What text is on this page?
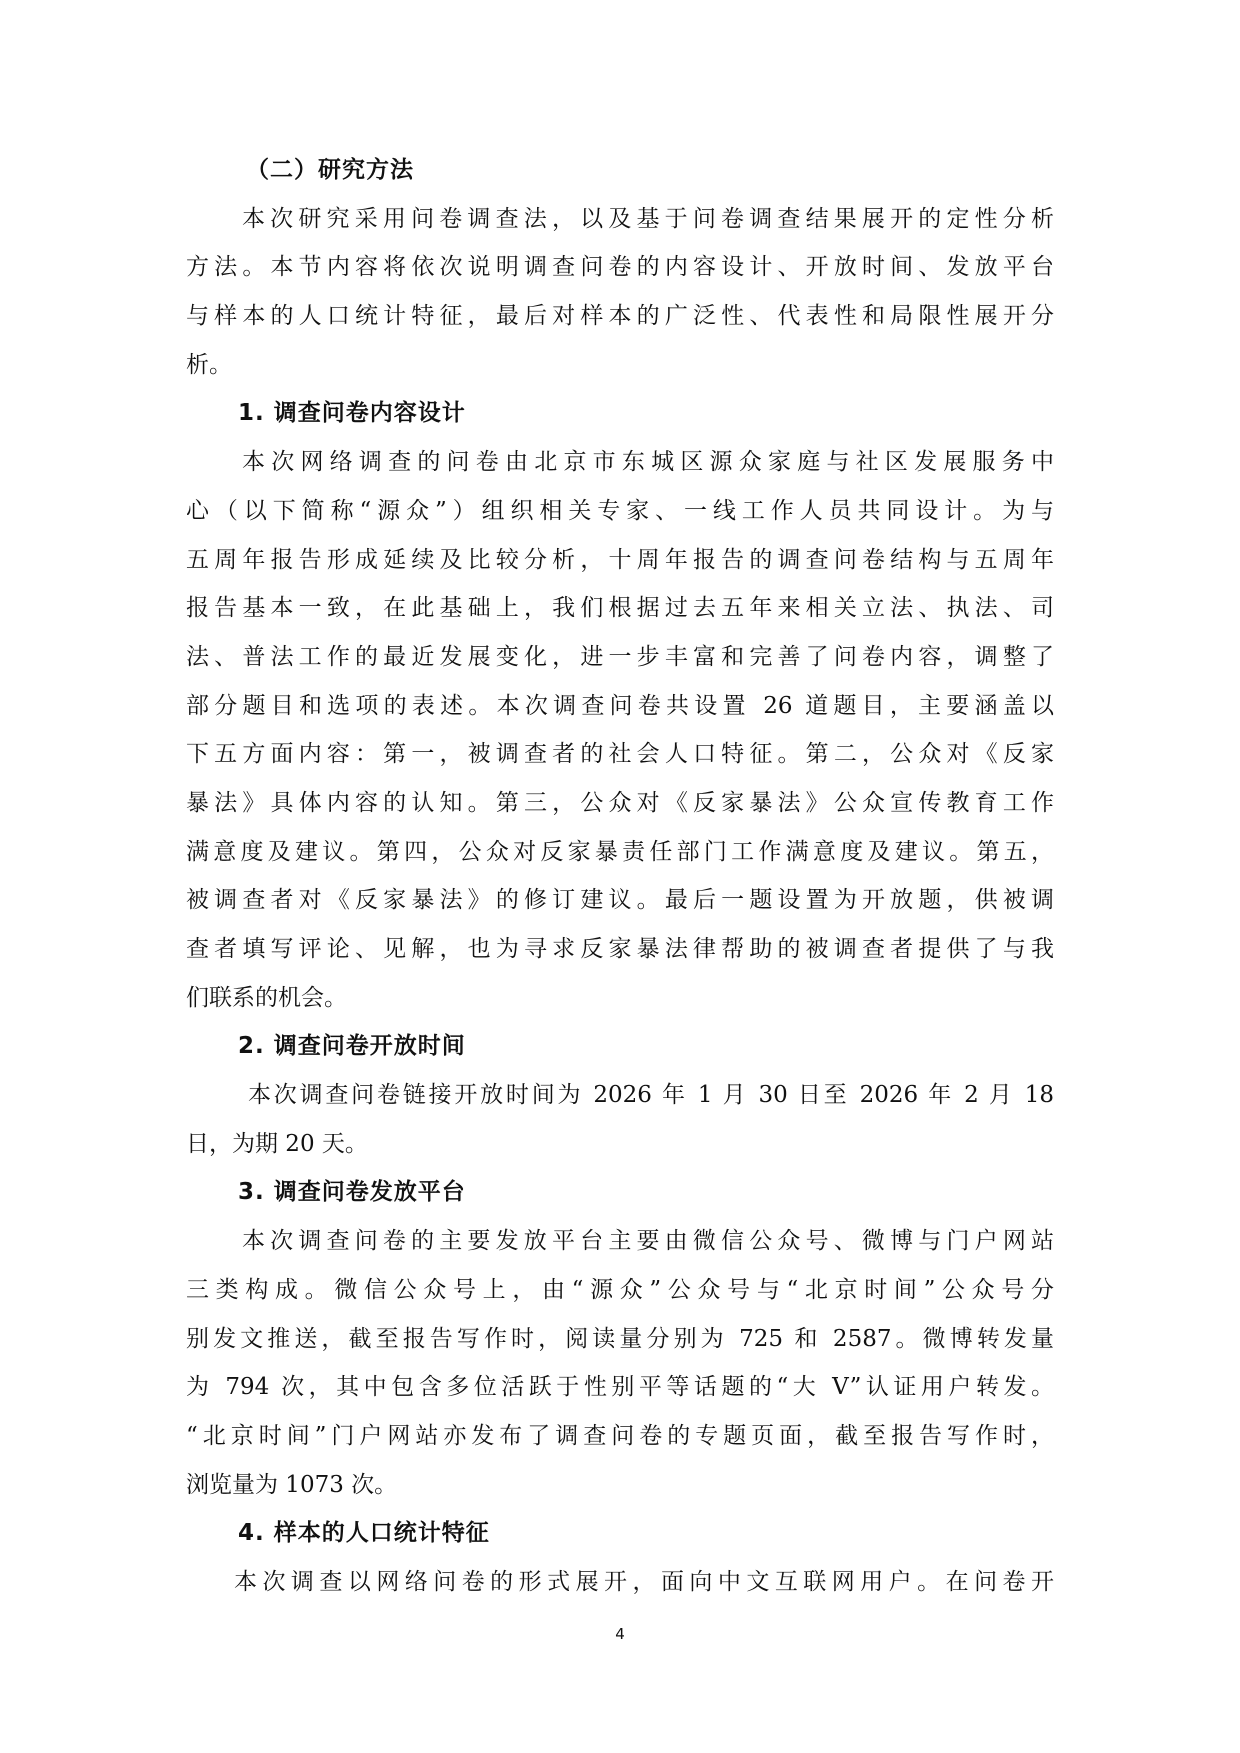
（二）研究方法
本次研究采用问卷调查法，以及基于问卷调查结果展开的定性分析
方法。本节内容将依次说明调查问卷的内容设计、开放时间、发放平台
与样本的人口统计特征，最后对样本的广泛性、代表性和局限性展开分
析。
1. 调查问卷内容设计
本次网络调查的问卷由北京市东城区源众家庭与社区发展服务中
心（以下简称“源众”）组织相关专家、一线工作人员共同设计。为与
五周年报告形成延续及比较分析，十周年报告的调查问卷结构与五周年
报告基本一致，在此基础上，我们根据过去五年来相关立法、执法、司
法、普法工作的最近发展变化，进一步丰富和完善了问卷内容，调整了
部分题目和选项的表述。本次调查问卷共设置 26 道题目，主要涵盖以
下五方面内容：第一，被调查者的社会人口特征。第二，公众对《反家
暴法》具体内容的认知。第三，公众对《反家暴法》公众宣传教育工作
满意度及建议。第四，公众对反家暴责任部门工作满意度及建议。第五，
被调查者对《反家暴法》的修订建议。最后一题设置为开放题，供被调
查者填写评论、见解，也为寻求反家暴法律帮助的被调查者提供了与我
们联系的机会。
2. 调查问卷开放时间
本次调查问卷链接开放时间为 2026 年 1 月 30 日至 2026 年 2 月 18
日，为期 20 天。
3. 调查问卷发放平台
本次调查问卷的主要发放平台主要由微信公众号、微博与门户网站
三类构成。微信公众号上，由“源众”公众号与“北京时间”公众号分
别发文推送，截至报告写作时，阅读量分别为 725 和 2587。微博转发量
为 794 次，其中包含多位活跃于性别平等话题的“大 V”认证用户转发。
“北京时间”门户网站亦发布了调查问卷的专题页面，截至报告写作时，
浏览量为 1073 次。
4. 样本的人口统计特征
本次调查以网络问卷的形式展开，面向中文互联网用户。在问卷开
4
